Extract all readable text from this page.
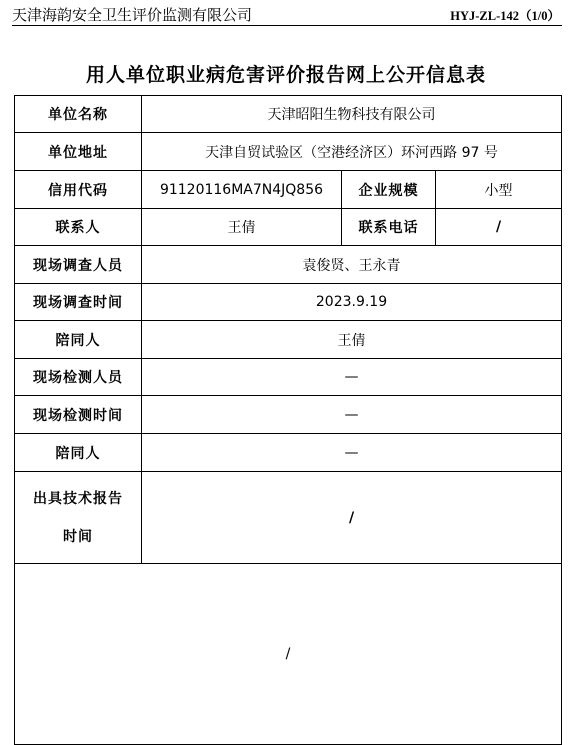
天津海韵安全卫生评价监测有限公司	HYJ-ZL-142（1/0）
用人单位职业病危害评价报告网上公开信息表
单位名称	天津昭阳生物科技有限公司		
单位地址	天津自贸试验区（空港经济区）环河西路 97 号		
信用代码	91120116MA7N4JQ856	企业规模	小型
联系人	王倩	联系电话	/
现场调查人员	袁俊贤、王永青		
现场调查时间	2023.9.19		
陪同人	王倩		
现场检测人员	—		
现场检测时间	—		
陪同人	—		

出具技术报告
时间	/		
/			
